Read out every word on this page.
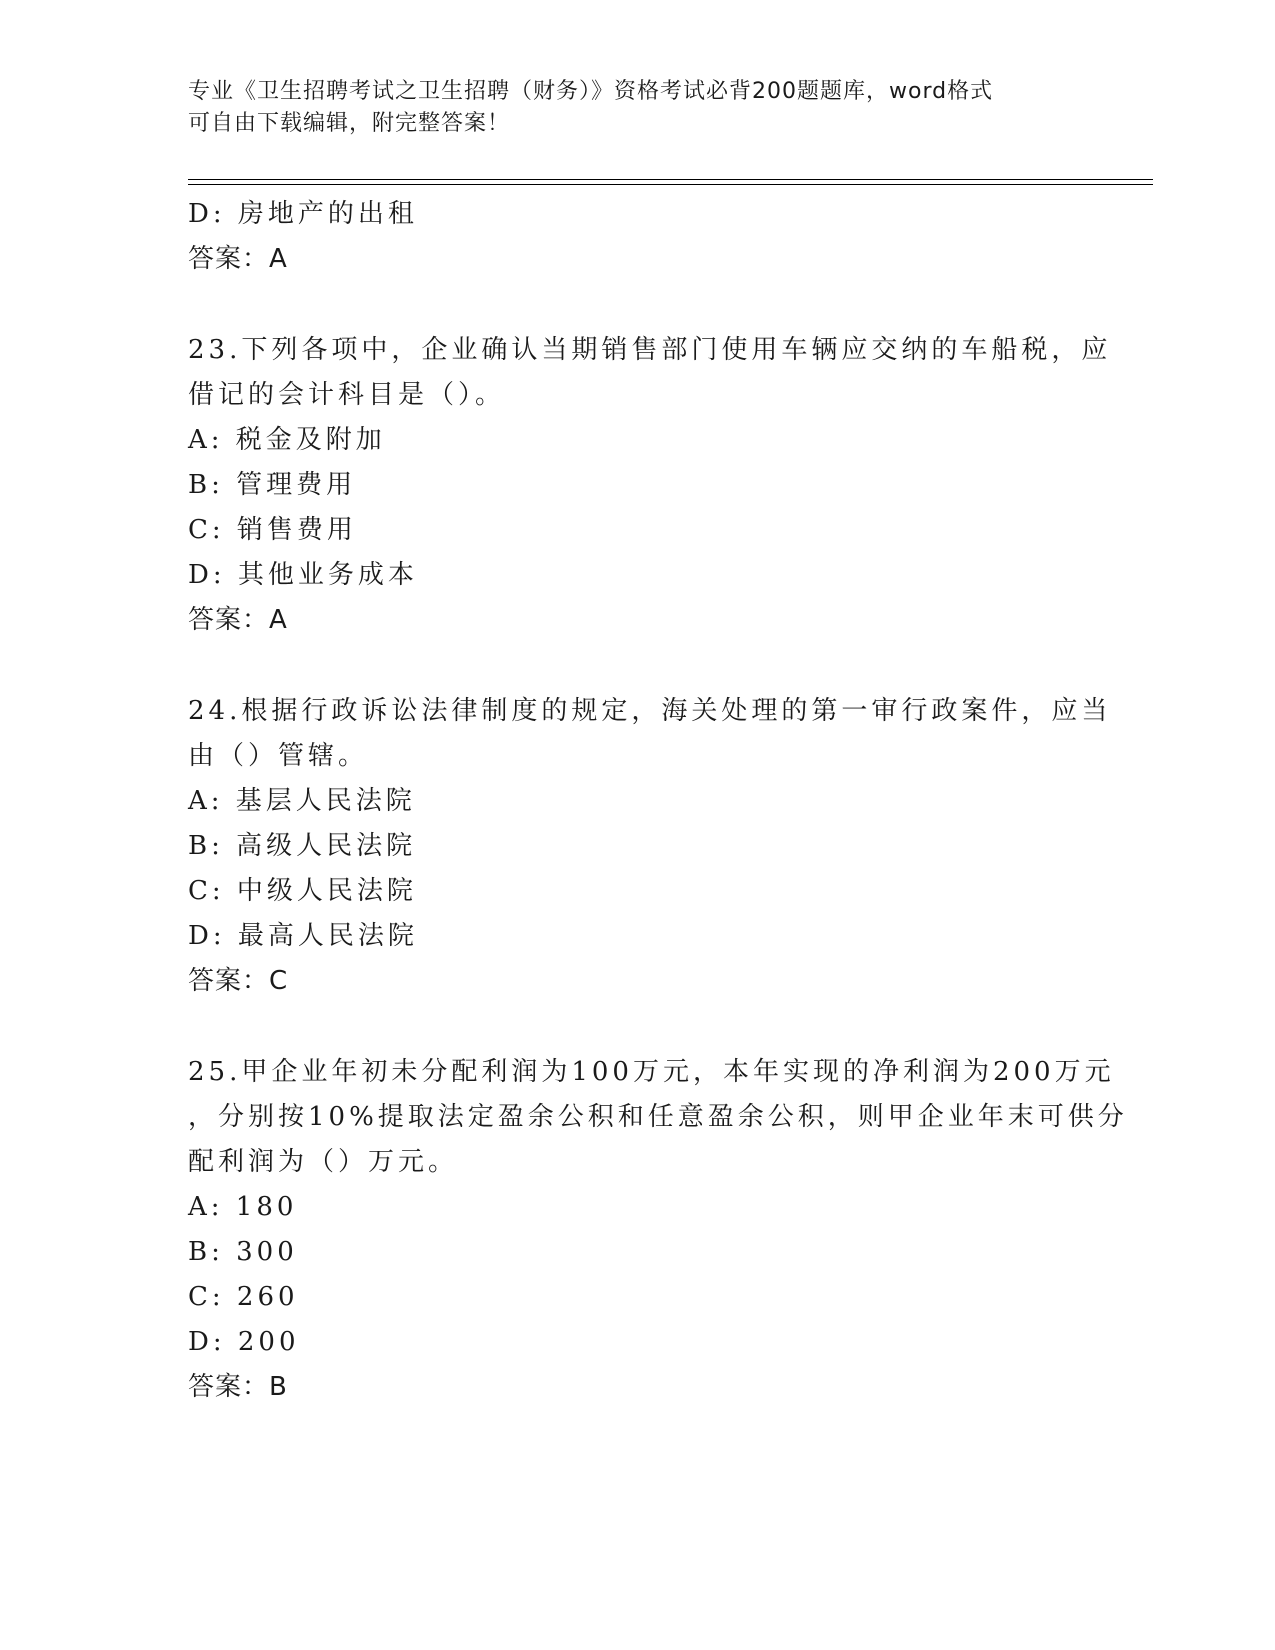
专业《卫生招聘考试之卫生招聘（财务）》资格考试必背200题题库，word格式
可自由下载编辑，附完整答案！
D: 房地产的出租
答案：A
23.下列各项中，企业确认当期销售部门使用车辆应交纳的车船税，应
借记的会计科目是（）。
A: 税金及附加
B: 管理费用
C: 销售费用
D: 其他业务成本
答案：A
24.根据行政诉讼法律制度的规定，海关处理的第一审行政案件，应当
由（）管辖。
A: 基层人民法院
B: 高级人民法院
C: 中级人民法院
D: 最高人民法院
答案：C
25.甲企业年初未分配利润为100万元，本年实现的净利润为200万元
，分别按10%提取法定盈余公积和任意盈余公积，则甲企业年末可供分
配利润为（）万元。
A: 180
B: 300
C: 260
D: 200
答案：B
